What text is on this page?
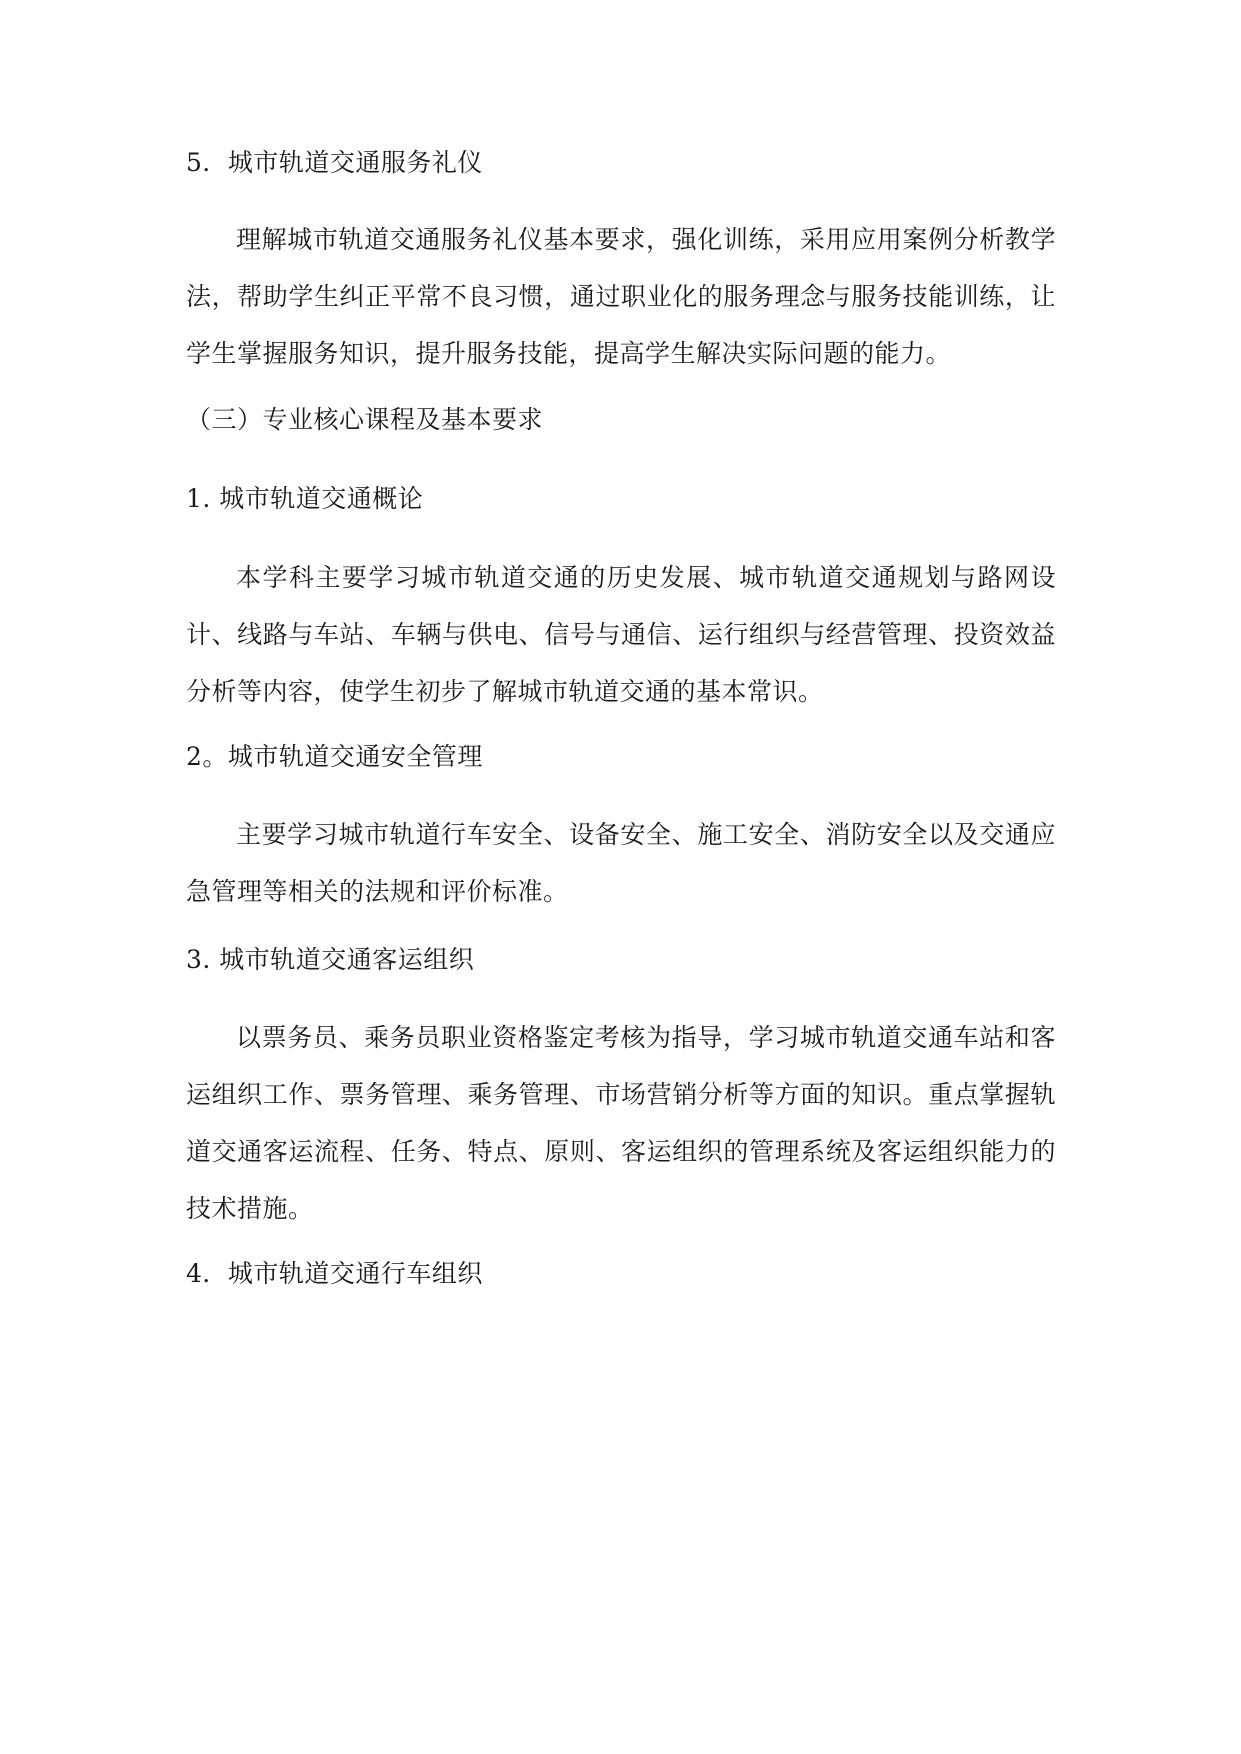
5．城市轨道交通服务礼仪
理解城市轨道交通服务礼仪基本要求，强化训练，采用应用案例分析教学法，帮助学生纠正平常不良习惯，通过职业化的服务理念与服务技能训练，让学生掌握服务知识，提升服务技能，提高学生解决实际问题的能力。
（三）专业核心课程及基本要求
1. 城市轨道交通概论
本学科主要学习城市轨道交通的历史发展、城市轨道交通规划与路网设计、线路与车站、车辆与供电、信号与通信、运行组织与经营管理、投资效益分析等内容，使学生初步了解城市轨道交通的基本常识。
2。城市轨道交通安全管理
主要学习城市轨道行车安全、设备安全、施工安全、消防安全以及交通应急管理等相关的法规和评价标准。
3. 城市轨道交通客运组织
以票务员、乘务员职业资格鉴定考核为指导，学习城市轨道交通车站和客运组织工作、票务管理、乘务管理、市场营销分析等方面的知识。重点掌握轨道交通客运流程、任务、特点、原则、客运组织的管理系统及客运组织能力的技术措施。
4．城市轨道交通行车组织
